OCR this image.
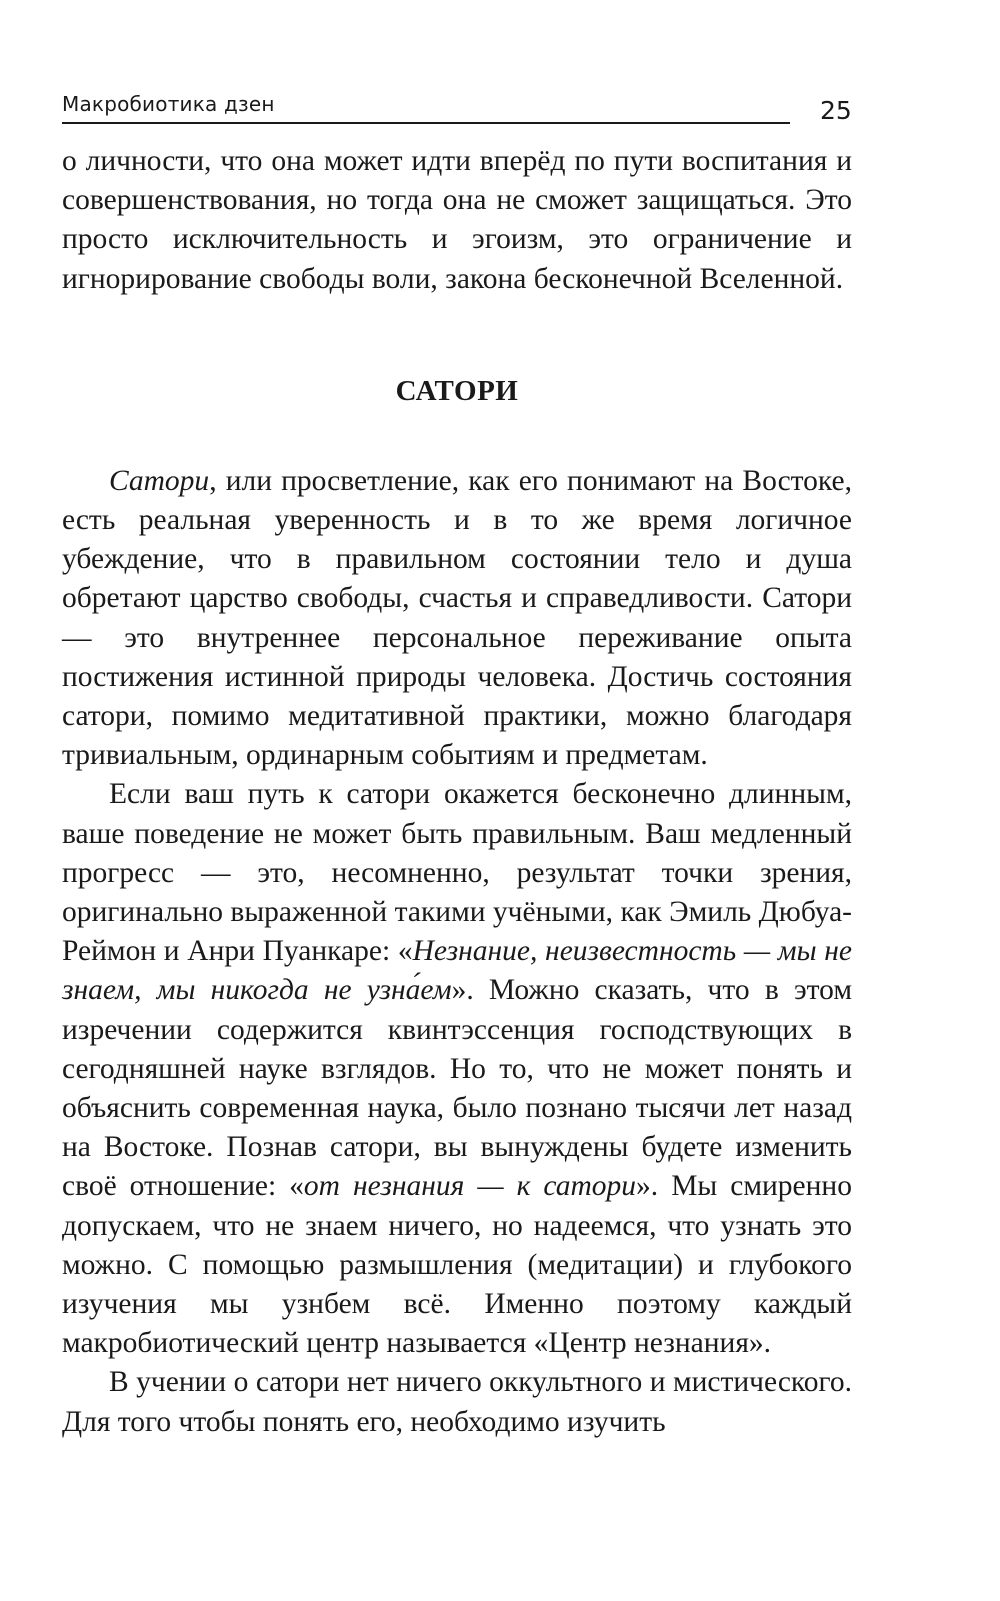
Макробиотика дзен	25

о личности, что она может идти вперёд по пути воспитания и совершенствования, но тогда она не сможет защищаться. Это просто исключительность и эгоизм, это ограничение и игнорирование свободы воли, закона бесконечной Вселенной.

САТОРИ

Сатори, или просветление, как его понимают на Востоке, есть реальная уверенность и в то же время логичное убеждение, что в правильном состоянии тело и душа обретают царство свободы, счастья и справедливости. Сатори — это внутреннее персональное переживание опыта постижения истинной природы человека. Достичь состояния сатори, помимо медитативной практики, можно благодаря тривиальным, ординарным событиям и предметам.

Если ваш путь к сатори окажется бесконечно длинным, ваше поведение не может быть правильным. Ваш медленный прогресс — это, несомненно, результат точки зрения, оригинально выраженной такими учёными, как Эмиль Дюбуа-Реймон и Анри Пуанкаре: «Незнание, неизвестность — мы не знаем, мы никогда не узна́ем». Можно сказать, что в этом изречении содержится квинтэссенция господствующих в сегодняшней науке взглядов. Но то, что не может понять и объяснить современная наука, было познано тысячи лет назад на Востоке. Познав сатори, вы вынуждены будете изменить своё отношение: «от незнания — к сатори». Мы смиренно допускаем, что не знаем ничего, но надеемся, что узнать это можно. С помощью размышления (медитации) и глубокого изучения мы узнбем всё. Именно поэтому каждый макробиотический центр называется «Центр незнания».

В учении о сатори нет ничего оккультного и мистического. Для того чтобы понять его, необходимо изучить
